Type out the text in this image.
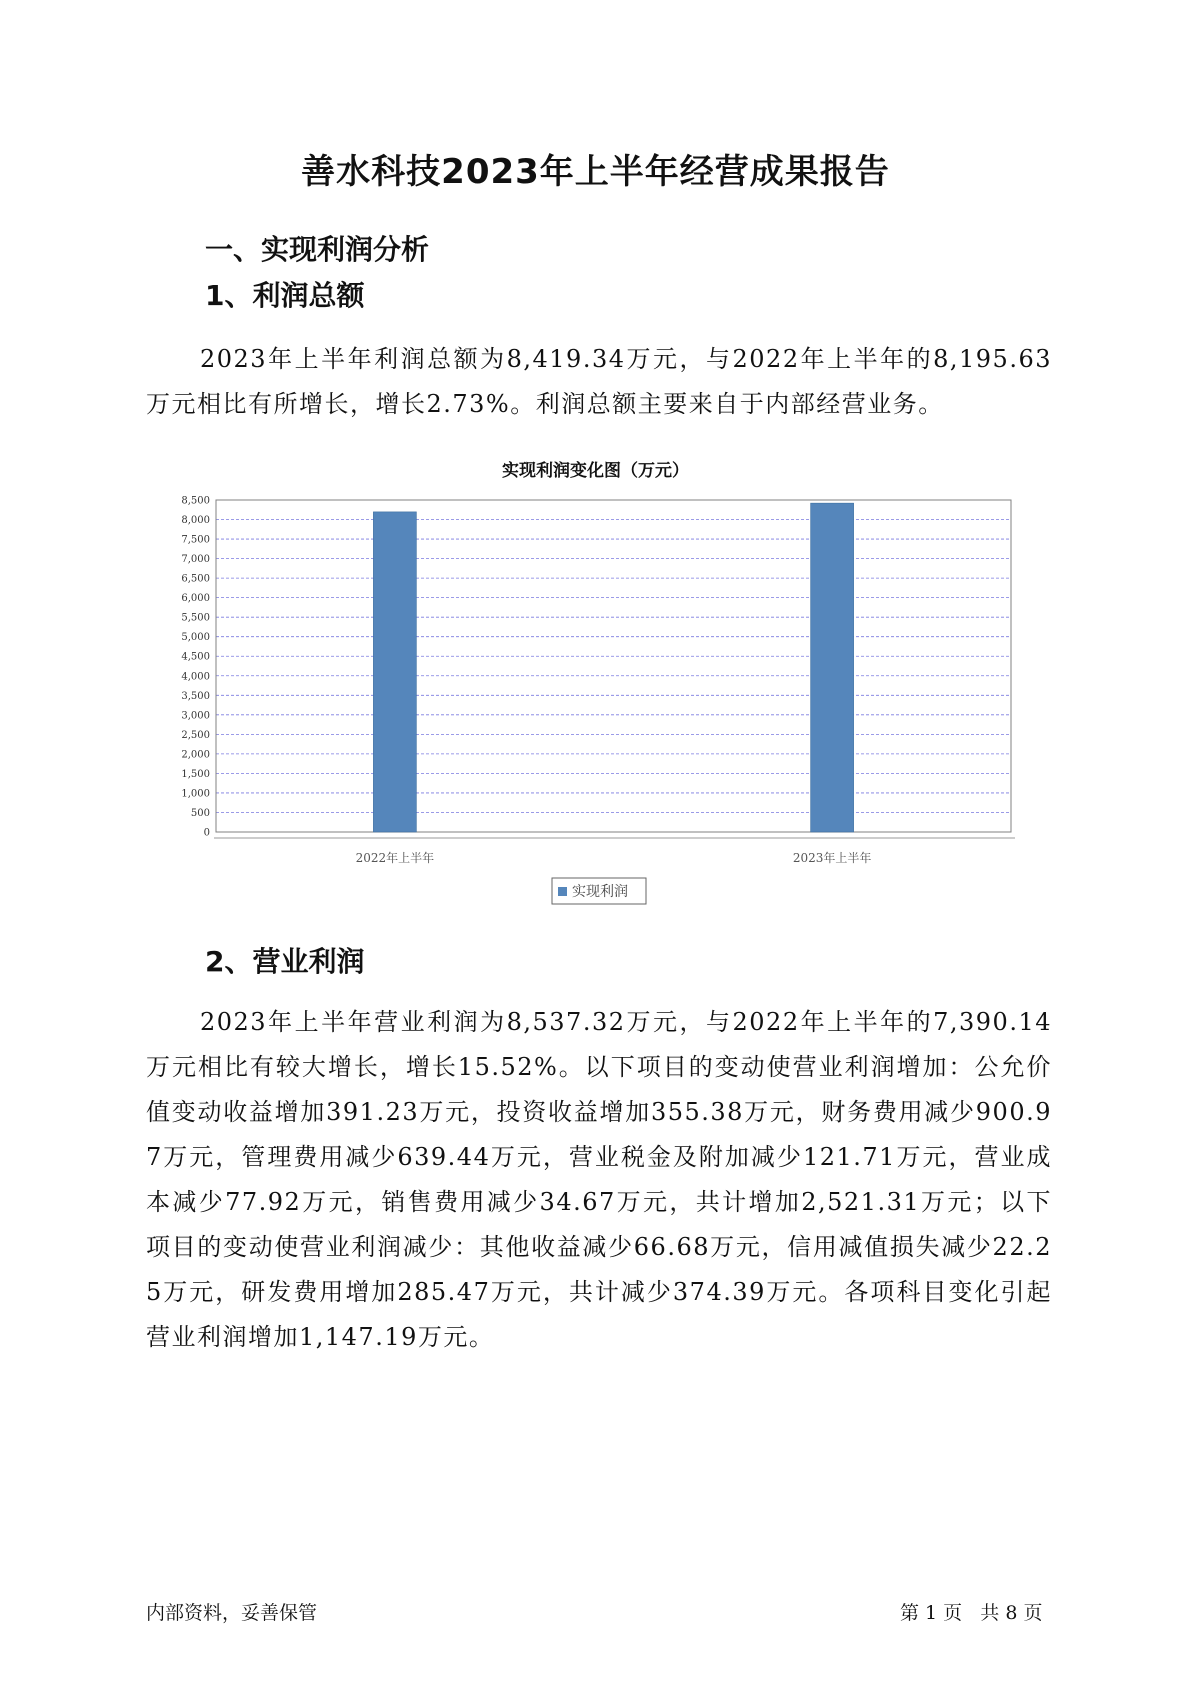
善水科技2023年上半年经营成果报告
一、实现利润分析
1、利润总额

2023年上半年利润总额为8,419.34万元，与2022年上半年的8,195.63万元相比有所增长，增长2.73%。利润总额主要来自于内部经营业务。

实现利润变化图（万元）
0
500
1,000
1,500
2,000
2,500
3,000
3,500
4,000
4,500
5,000
5,500
6,000
6,500
7,000
7,500
8,000
8,500
2022年上半年	2023年上半年
实现利润
2、营业利润

2023年上半年营业利润为8,537.32万元，与2022年上半年的7,390.14万元相比有较大增长，增长15.52%。以下项目的变动使营业利润增加：公允价值变动收益增加391.23万元，投资收益增加355.38万元，财务费用减少900.97万元，管理费用减少639.44万元，营业税金及附加减少121.71万元，营业成本减少77.92万元，销售费用减少34.67万元，共计增加2,521.31万元；以下项目的变动使营业利润减少：其他收益减少66.68万元，信用减值损失减少22.25万元，研发费用增加285.47万元，共计减少374.39万元。各项科目变化引起营业利润增加1,147.19万元。

内部资料，妥善保管	第 1 页   共 8 页
